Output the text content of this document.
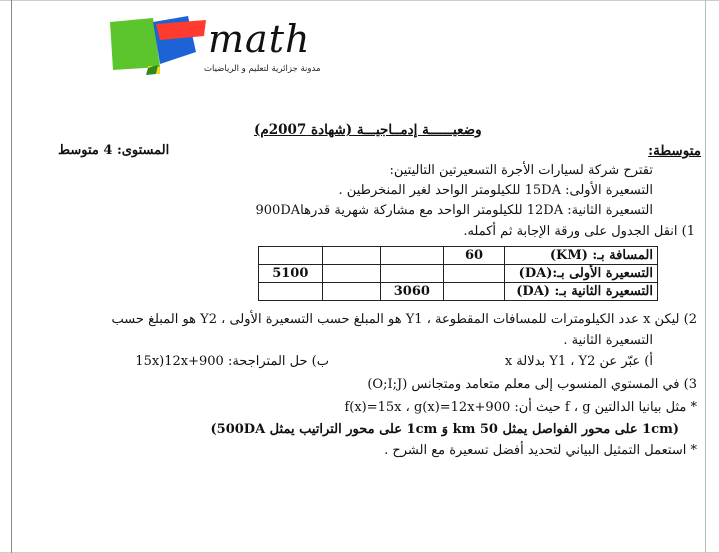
math
مدونة جزائرية لتعليم و الرياضيات
وضعيــــــة إدمــاجيـــة (شهادة 2007م)
المستوى: 4 متوسط	متوسطة:
تقترح شركة لسيارات الأجرة التسعيرتين التاليتين:
التسعيرة الأولى: 15DA للكيلومتر الواحد لغير المنخرطين .
التسعيرة الثانية: 12DA للكيلومتر الواحد مع مشاركة شهرية قدرها900DA
1) انقل الجدول على ورقة الإجابة ثم أكمله.
			60	المسافة بـ: (KM)
5100				التسعيرة الأولى بـ:(DA)
		3060		التسعيرة الثانية بـ: (DA)
2) ليكن x عدد الكيلومترات للمسافات المقطوعة ، Y1 هو المبلغ حسب التسعيرة الأولى ، Y2 هو المبلغ حسب
التسعيرة الثانية .
أ) عبّر عن Y1 ، Y2 بدلالة x
ب) حل المتراجحة: 15x)12x+900
3) في المستوي المنسوب إلى معلم متعامد ومتجانس (O;I;J)
* مثل بيانيا الدالتين f ، g حيث أن: f(x)=15x ، g(x)=12x+900
(1cm على محور الفواصل يمثل 50 km وَ 1cm على محور التراتيب يمثل 500DA)
* استعمل التمثيل البياني لتحديد أفضل تسعيرة مع الشرح .
